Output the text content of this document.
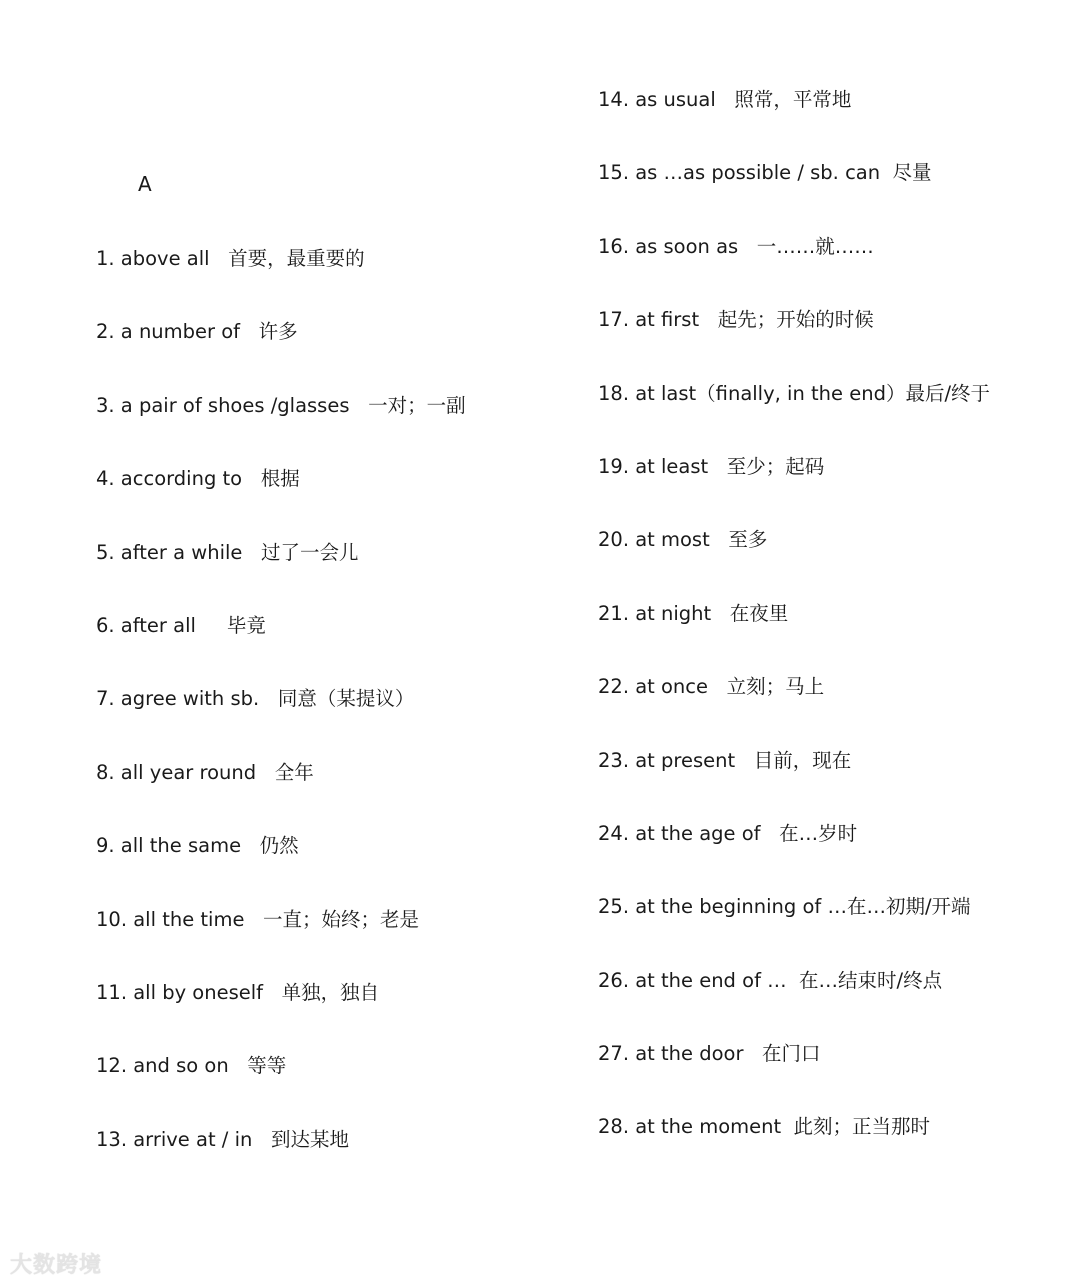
A
1. above all   首要，最重要的
2. a number of   许多
3. a pair of shoes /glasses   一对；一副
4. according to   根据
5. after a while   过了一会儿
6. after all     毕竟
7. agree with sb.   同意（某提议）
8. all year round   全年
9. all the same   仍然
10. all the time   一直；始终；老是
11. all by oneself   单独，独自
12. and so on   等等
13. arrive at / in   到达某地
14. as usual   照常，平常地
15. as …as possible / sb. can  尽量
16. as soon as   一……就……
17. at first   起先；开始的时候
18. at last（finally, in the end）最后/终于
19. at least   至少；起码
20. at most   至多
21. at night   在夜里
22. at once   立刻；马上
23. at present   目前，现在
24. at the age of   在…岁时
25. at the beginning of …在…初期/开端
26. at the end of …  在…结束时/终点
27. at the door   在门口
28. at the moment  此刻；正当那时
大数跨境
